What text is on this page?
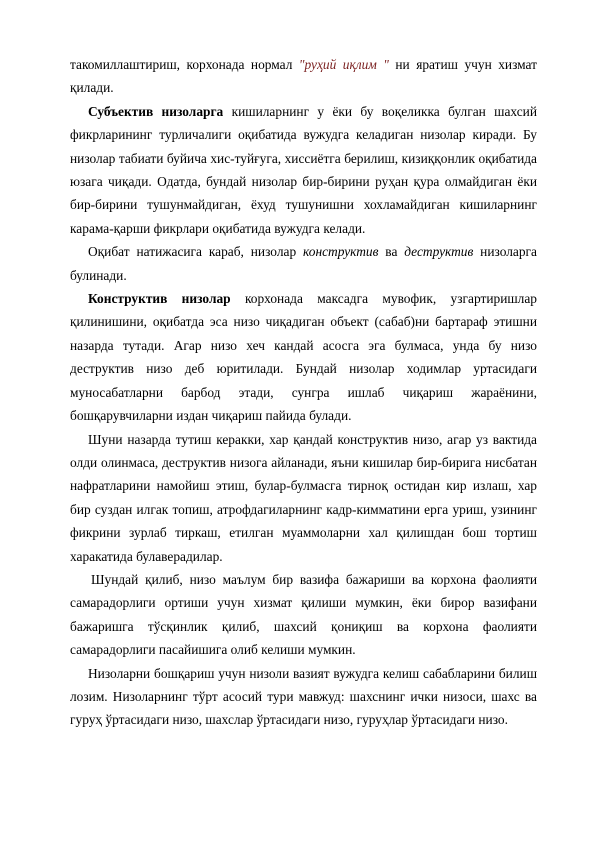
такомиллаштириш, корхонада нормал "руҳий иқлим " ни яратиш учун хизмат қилади.

Субъектив низоларга кишиларнинг у ёки бу воқеликка булган шахсий фикрларининг турличалиги оқибатида вужудга келадиган низолар киради. Бу низолар табиати буйича хис-туйғуга, хиссиётга берилиш, кизиққонлик оқибатида юзага чиқади. Одатда, бундай низолар бир-бирини руҳан қура олмайдиган ёки бир-бирини тушунмайдиган, ёхуд тушунишни хохламайдиган кишиларнинг карама-қарши фикрлари оқибатида вужудга келади.

Оқибат натижасига караб, низолар конструктив ва деструктив низоларга булинади.

Конструктив низолар корхонада максадга мувофик, узгартиришлар қилинишини, оқибатда эса низо чиқадиган объект (сабаб)ни бартараф этишни назарда тутади. Агар низо хеч кандай асосга эга булмаса, унда бу низо деструктив низо деб юритилади. Бундай низолар ходимлар уртасидаги муносабатларни барбод этади, сунгра ишлаб чиқариш жараёнини, бошқарувчиларни издан чиқариш пайида булади.

Шуни назарда тутиш керакки, хар қандай конструктив низо, агар уз вактида олди олинмаса, деструктив низога айланади, яъни кишилар бир-бирига нисбатан нафратларини намойиш этиш, булар-булмасга тирноқ остидан кир излаш, хар бир суздан илгак топиш, атрофдагиларнинг кадр-кимматини ерга уриш, узининг фикрини зурлаб тиркаш, етилган муаммоларни хал қилишдан бош тортиш харакатида булаверадилар.

Шундай қилиб, низо маълум бир вазифа бажариши ва корхона фаолияти самарадорлиги ортиши учун хизмат қилиши мумкин, ёки бирор вазифани бажаришга тўсқинлик қилиб, шахсий қониқиш ва корхона фаолияти самарадорлиги пасайишига олиб келиши мумкин.

Низоларни бошқариш учун низоли вазият вужудга келиш сабабларини билиш лозим. Низоларнинг тўрт асосий тури мавжуд: шахснинг ички низоси, шахс ва гуруҳ ўртасидаги низо, шахслар ўртасидаги низо, гуруҳлар ўртасидаги низо.
